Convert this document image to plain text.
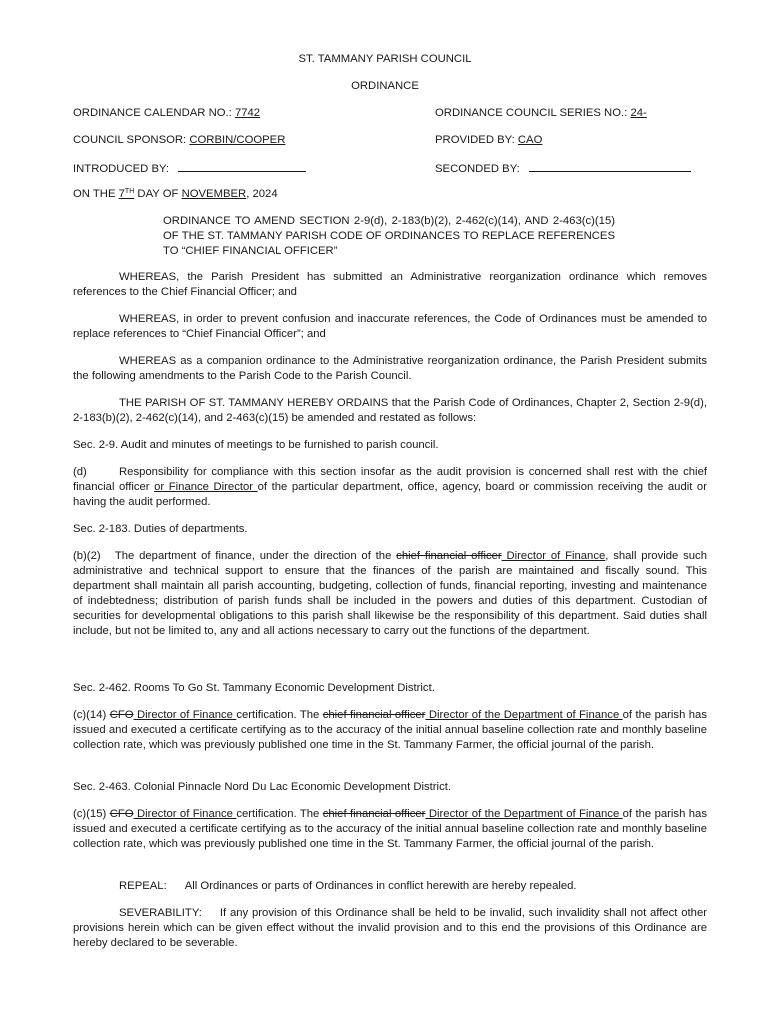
ST. TAMMANY PARISH COUNCIL
ORDINANCE
ORDINANCE CALENDAR NO.: 7742	ORDINANCE COUNCIL SERIES NO.: 24-
COUNCIL SPONSOR: CORBIN/COOPER	PROVIDED BY: CAO
INTRODUCED BY:	SECONDED BY:
ON THE 7TH DAY OF NOVEMBER, 2024
ORDINANCE TO AMEND SECTION 2-9(d), 2-183(b)(2), 2-462(c)(14), AND 2-463(c)(15) OF THE ST. TAMMANY PARISH CODE OF ORDINANCES TO REPLACE REFERENCES TO “CHIEF FINANCIAL OFFICER”
WHEREAS, the Parish President has submitted an Administrative reorganization ordinance which removes references to the Chief Financial Officer; and
WHEREAS, in order to prevent confusion and inaccurate references, the Code of Ordinances must be amended to replace references to “Chief Financial Officer”; and
WHEREAS as a companion ordinance to the Administrative reorganization ordinance, the Parish President submits the following amendments to the Parish Code to the Parish Council.
THE PARISH OF ST. TAMMANY HEREBY ORDAINS that the Parish Code of Ordinances, Chapter 2, Section 2-9(d), 2-183(b)(2), 2-462(c)(14), and 2-463(c)(15) be amended and restated as follows:
Sec. 2-9. Audit and minutes of meetings to be furnished to parish council.
(d)	Responsibility for compliance with this section insofar as the audit provision is concerned shall rest with the chief financial officer or Finance Director of the particular department, office, agency, board or commission receiving the audit or having the audit performed.
Sec. 2-183. Duties of departments.
(b)(2)   The department of finance, under the direction of the chief financial officer Director of Finance, shall provide such administrative and technical support to ensure that the finances of the parish are maintained and fiscally sound. This department shall maintain all parish accounting, budgeting, collection of funds, financial reporting, investing and maintenance of indebtedness; distribution of parish funds shall be included in the powers and duties of this department. Custodian of securities for developmental obligations to this parish shall likewise be the responsibility of this department. Said duties shall include, but not be limited to, any and all actions necessary to carry out the functions of the department.
Sec. 2-462. Rooms To Go St. Tammany Economic Development District.
(c)(14) CFO Director of Finance certification. The chief financial officer Director of the Department of Finance of the parish has issued and executed a certificate certifying as to the accuracy of the initial annual baseline collection rate and monthly baseline collection rate, which was previously published one time in the St. Tammany Farmer, the official journal of the parish.
Sec. 2-463. Colonial Pinnacle Nord Du Lac Economic Development District.
(c)(15) CFO Director of Finance certification. The chief financial officer Director of the Department of Finance of the parish has issued and executed a certificate certifying as to the accuracy of the initial annual baseline collection rate and monthly baseline collection rate, which was previously published one time in the St. Tammany Farmer, the official journal of the parish.
REPEAL: All Ordinances or parts of Ordinances in conflict herewith are hereby repealed.
SEVERABILITY: If any provision of this Ordinance shall be held to be invalid, such invalidity shall not affect other provisions herein which can be given effect without the invalid provision and to this end the provisions of this Ordinance are hereby declared to be severable.
